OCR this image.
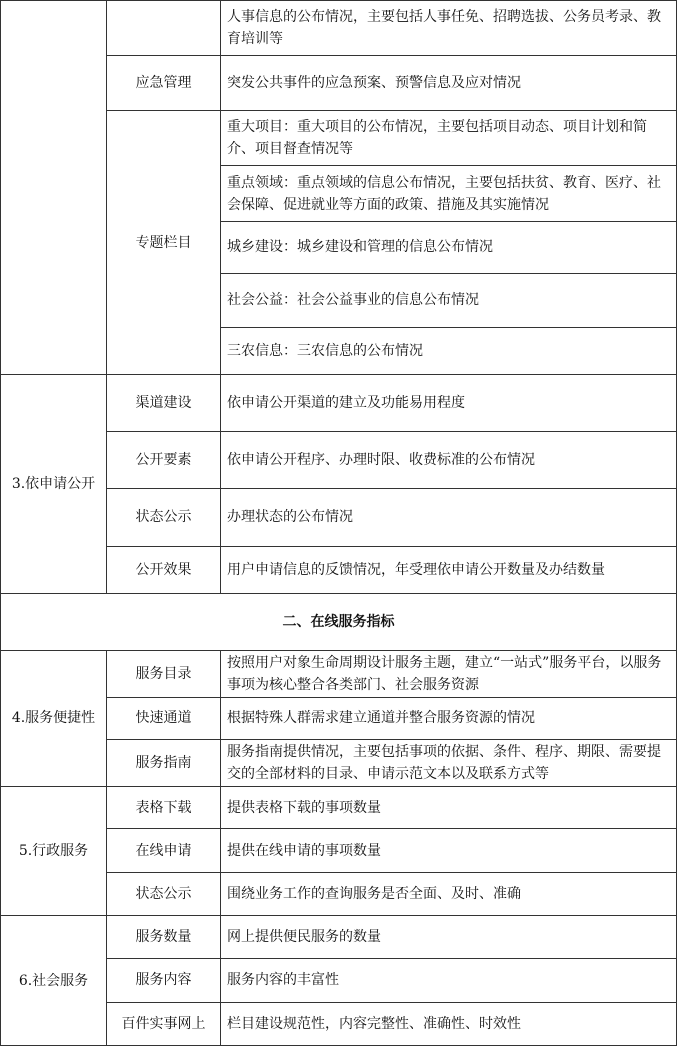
		人事信息的公布情况，主要包括人事任免、招聘选拔、公务员考录、教育培训等
	应急管理	突发公共事件的应急预案、预警信息及应对情况
	专题栏目	重大项目：重大项目的公布情况，主要包括项目动态、项目计划和简介、项目督查情况等
		重点领域：重点领域的信息公布情况，主要包括扶贫、教育、医疗、社会保障、促进就业等方面的政策、措施及其实施情况
		城乡建设：城乡建设和管理的信息公布情况
		社会公益：社会公益事业的信息公布情况
		三农信息：三农信息的公布情况
3.依申请公开	渠道建设	依申请公开渠道的建立及功能易用程度
	公开要素	依申请公开程序、办理时限、收费标准的公布情况
	状态公示	办理状态的公布情况
	公开效果	用户申请信息的反馈情况，年受理依申请公开数量及办结数量
二、在线服务指标		
4.服务便捷性	服务目录	按照用户对象生命周期设计服务主题，建立“一站式”服务平台，以服务事项为核心整合各类部门、社会服务资源
	快速通道	根据特殊人群需求建立通道并整合服务资源的情况
	服务指南	服务指南提供情况，主要包括事项的依据、条件、程序、期限、需要提交的全部材料的目录、申请示范文本以及联系方式等
5.行政服务	表格下载	提供表格下载的事项数量
	在线申请	提供在线申请的事项数量
	状态公示	围绕业务工作的查询服务是否全面、及时、准确
6.社会服务	服务数量	网上提供便民服务的数量
	服务内容	服务内容的丰富性
	百件实事网上	栏目建设规范性，内容完整性、准确性、时效性
